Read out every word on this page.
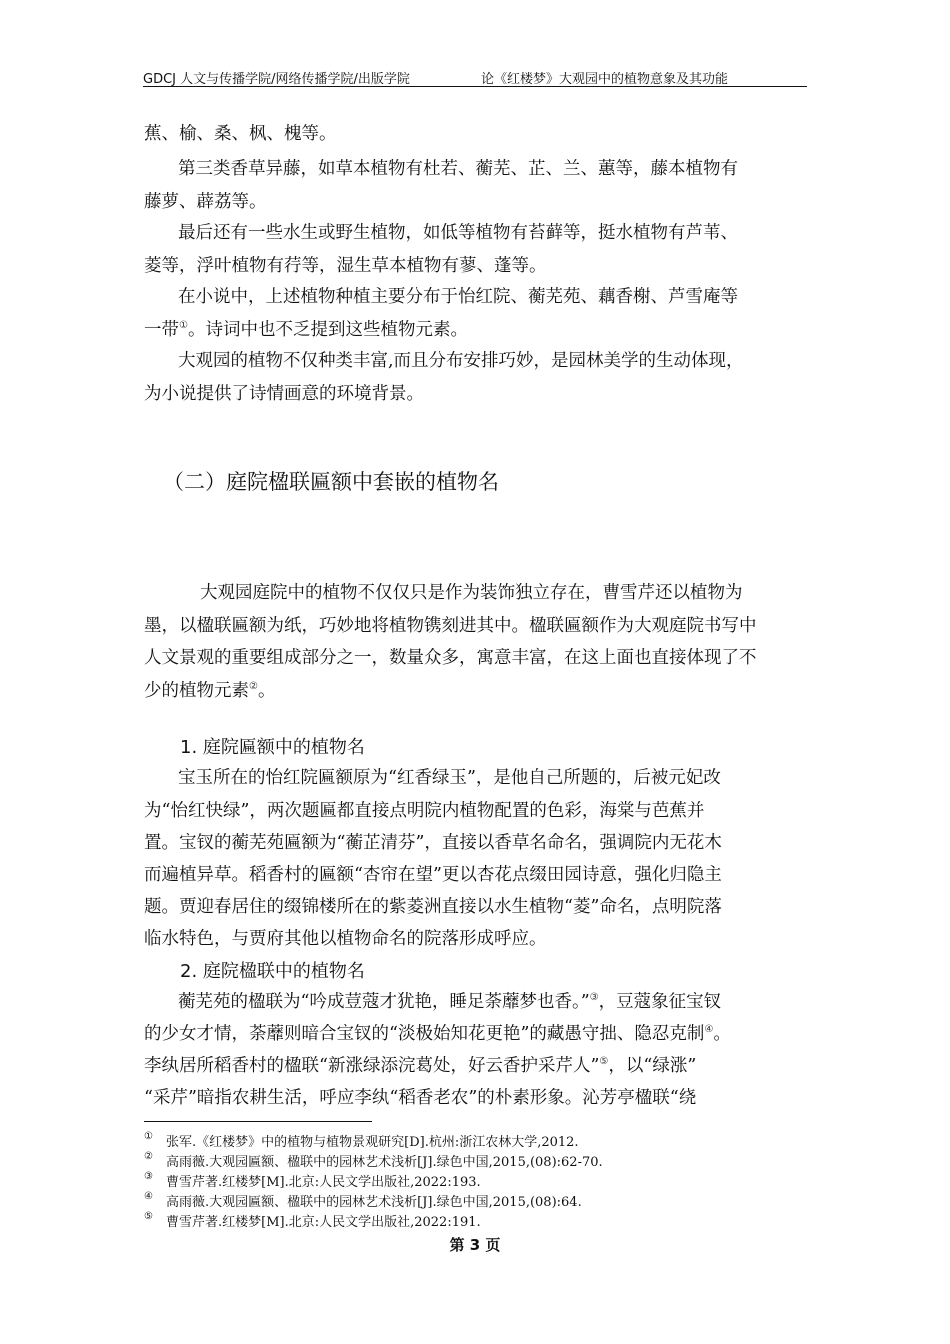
GDCJ 人文与传播学院/网络传播学院/出版学院	论《红楼梦》大观园中的植物意象及其功能
蕉、榆、桑、枫、槐等。
第三类香草异藤，如草本植物有杜若、蘅芜、芷、兰、蕙等，藤本植物有
藤萝、薜荔等。
最后还有一些水生或野生植物，如低等植物有苔藓等，挺水植物有芦苇、
菱等，浮叶植物有荇等，湿生草本植物有蓼、蓬等。
在小说中，上述植物种植主要分布于怡红院、蘅芜苑、藕香榭、芦雪庵等
一带①。诗词中也不乏提到这些植物元素。
大观园的植物不仅种类丰富,而且分布安排巧妙，是园林美学的生动体现，
为小说提供了诗情画意的环境背景。
（二）庭院楹联匾额中套嵌的植物名
大观园庭院中的植物不仅仅只是作为装饰独立存在，曹雪芹还以植物为
墨，以楹联匾额为纸，巧妙地将植物镌刻进其中。楹联匾额作为大观庭院书写中
人文景观的重要组成部分之一，数量众多，寓意丰富，在这上面也直接体现了不
少的植物元素②。
1. 庭院匾额中的植物名
宝玉所在的怡红院匾额原为“红香绿玉”，是他自己所题的，后被元妃改
为“怡红快绿”，两次题匾都直接点明院内植物配置的色彩，海棠与芭蕉并
置。宝钗的蘅芜苑匾额为“蘅芷清芬”，直接以香草名命名，强调院内无花木
而遍植异草。稻香村的匾额“杏帘在望”更以杏花点缀田园诗意，强化归隐主
题。贾迎春居住的缀锦楼所在的紫菱洲直接以水生植物“菱”命名，点明院落
临水特色，与贾府其他以植物命名的院落形成呼应。
2. 庭院楹联中的植物名
蘅芜苑的楹联为“吟成荳蔻才犹艳，睡足荼蘼梦也香。”③，豆蔻象征宝钗
的少女才情，荼蘼则暗合宝钗的“淡极始知花更艳”的藏愚守拙、隐忍克制④。
李纨居所稻香村的楹联“新涨绿添浣葛处，好云香护采芹人”⑤，以“绿涨”
“采芹”暗指农耕生活，呼应李纨“稻香老农”的朴素形象。沁芳亭楹联“绕
① 张军.《红楼梦》中的植物与植物景观研究[D].杭州:浙江农林大学,2012.
② 高雨薇.大观园匾额、楹联中的园林艺术浅析[J].绿色中国,2015,(08):62-70.
③ 曹雪芹著.红楼梦[M].北京:人民文学出版社,2022:193.
④ 高雨薇.大观园匾额、楹联中的园林艺术浅析[J].绿色中国,2015,(08):64.
⑤ 曹雪芹著.红楼梦[M].北京:人民文学出版社,2022:191.
第 3 页
